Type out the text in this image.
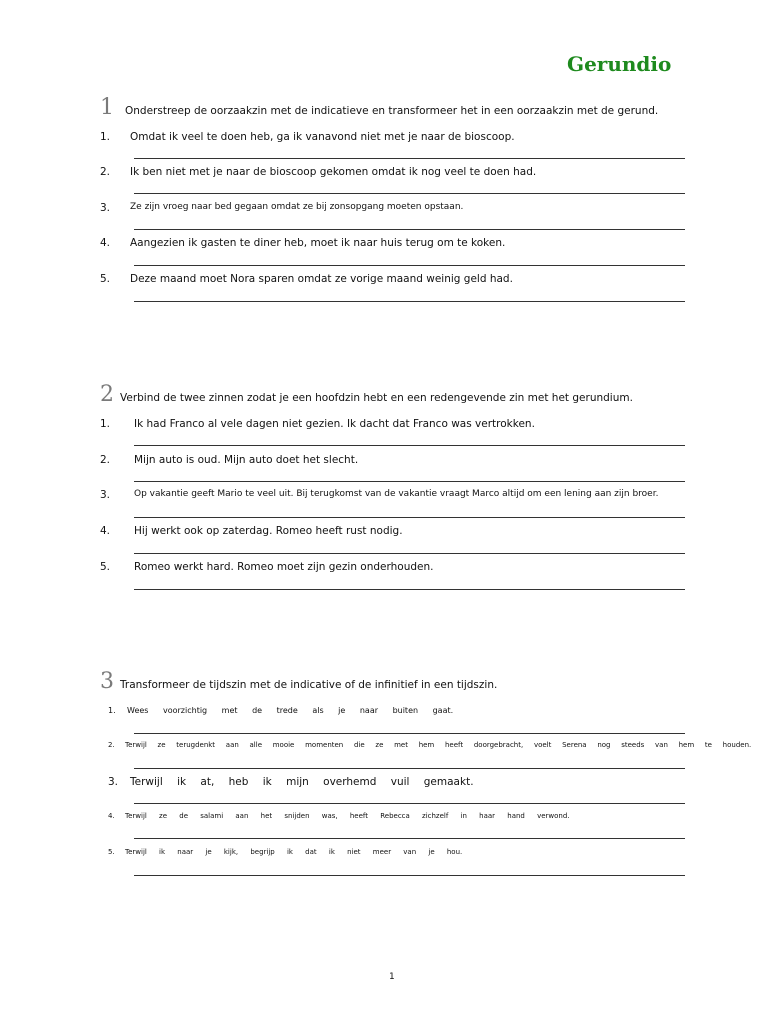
Gerundio
1 Onderstreep de oorzaakzin met de indicatieve en transformeer het in een oorzaakzin met de gerund.
1. Omdat ik veel te doen heb, ga ik vanavond niet met je naar de bioscoop.
2. Ik ben niet met je naar de bioscoop gekomen omdat ik nog veel te doen had.
3. Ze zijn vroeg naar bed gegaan omdat ze bij zonsopgang moeten opstaan.
4. Aangezien ik gasten te diner heb, moet ik naar huis terug om te koken.
5. Deze maand moet Nora sparen omdat ze vorige maand weinig geld had.
2 Verbind de twee zinnen zodat je een hoofdzin hebt en een redengevende zin met het gerundium.
1. Ik had Franco al vele dagen niet gezien. Ik dacht dat Franco was vertrokken.
2. Mijn auto is oud. Mijn auto doet het slecht.
3.	Op vakantie geeft Mario te veel uit. Bij terugkomst van de vakantie vraagt Marco altijd om een lening aan zijn broer.
4. Hij werkt ook op zaterdag. Romeo heeft rust nodig.
5. Romeo werkt hard. Romeo moet zijn gezin onderhouden.
3 Transformeer de tijdszin met de indicative of de infinitief in een tijdszin.
1. Wees voorzichtig met de trede als je naar buiten gaat.
2. Terwijl ze terugdenkt aan alle mooie momenten die ze met hem heeft doorgebracht, voelt Serena nog steeds van hem te houden.
3. Terwijl ik at, heb ik mijn overhemd vuil gemaakt.
4. Terwijl ze de salami aan het snijden was, heeft Rebecca zichzelf in haar hand verwond.
5. Terwijl ik naar je kijk, begrijp ik dat ik niet meer van je hou.
1
